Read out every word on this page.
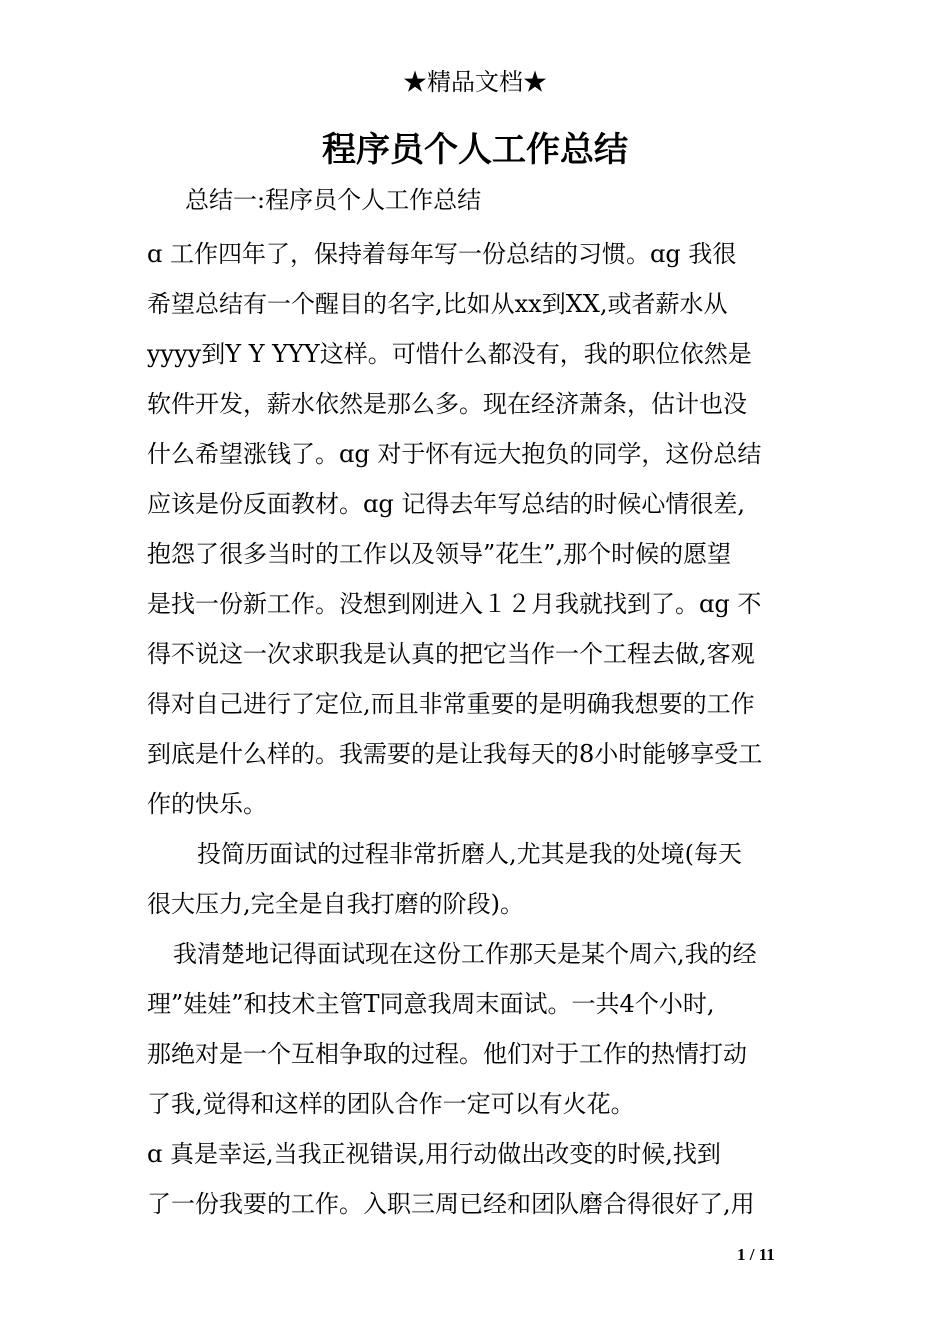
★精品文档★
程序员个人工作总结
总结一:程序员个人工作总结
ɑ 工作四年了，保持着每年写一份总结的习惯。ɑg 我很
希望总结有一个醒目的名字,比如从xx到XX,或者薪水从
yyyy到Y Y YYY这样。可惜什么都没有，我的职位依然是
软件开发，薪水依然是那么多。现在经济萧条，估计也没
什么希望涨钱了。ɑg 对于怀有远大抱负的同学，这份总结
应该是份反面教材。ɑg 记得去年写总结的时候心情很差,
抱怨了很多当时的工作以及领导”花生”,那个时候的愿望
是找一份新工作。没想到刚进入１２月我就找到了。ɑg 不
得不说这一次求职我是认真的把它当作一个工程去做,客观
得对自己进行了定位,而且非常重要的是明确我想要的工作
到底是什么样的。我需要的是让我每天的8小时能够享受工
作的快乐。
投简历面试的过程非常折磨人,尤其是我的处境(每天
很大压力,完全是自我打磨的阶段)。
我清楚地记得面试现在这份工作那天是某个周六,我的经
理”娃娃”和技术主管T同意我周末面试。一共4个小时,
那绝对是一个互相争取的过程。他们对于工作的热情打动
了我,觉得和这样的团队合作一定可以有火花。
ɑ 真是幸运,当我正视错误,用行动做出改变的时候,找到
了一份我要的工作。入职三周已经和团队磨合得很好了,用
1 / 11
